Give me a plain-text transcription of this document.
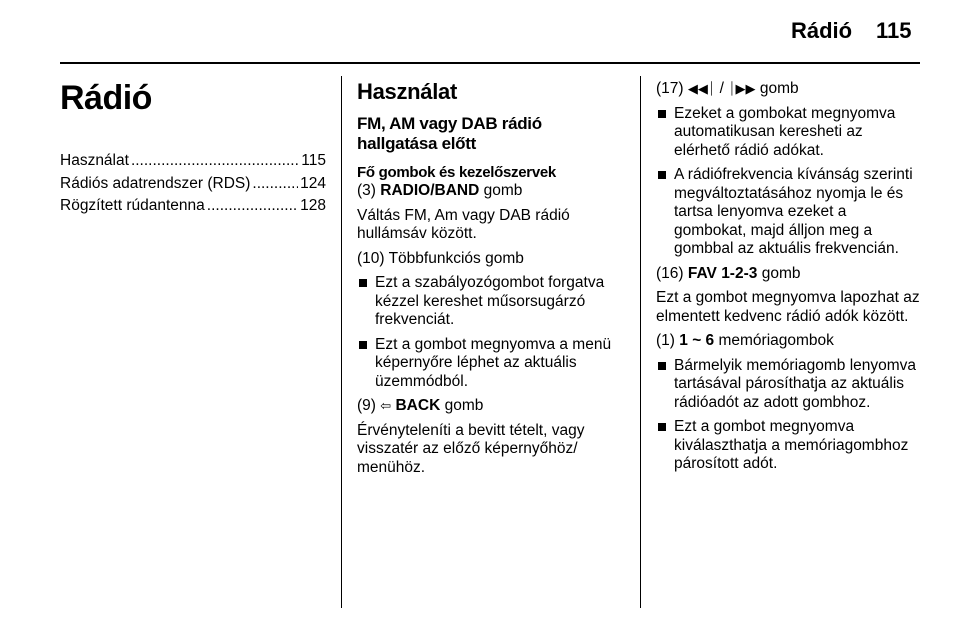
Rádió 115
Rádió
Használat .....	115
Rádiós adatrendszer (RDS) .....	124
Rögzített rúdantenna .....	128
Használat
FM, AM vagy DAB rádió hallgatása előtt
Fő gombok és kezelőszervek

(3) RADIO/BAND gomb

Váltás FM, Am vagy DAB rádió hullámsáv között.

(10) Többfunkciós gomb

Ezt a szabályozógombot forgatva kézzel kereshet műsorsugárzó frekvenciát.
Ezt a gombot megnyomva a menü képernyőre léphet az aktuális üzemmódból.

(9) ⇦ BACK gomb

Érvényteleníti a bevitt tételt, vagy visszatér az előző képernyőhöz/ menühöz.

(17) ◀◀⏐ / ⏐▶▶ gomb

Ezeket a gombokat megnyomva automatikusan keresheti az elérhető rádió adókat.
A rádiófrekvencia kívánság szerinti megváltoztatásához nyomja le és tartsa lenyomva ezeket a gombokat, majd álljon meg a gombbal az aktuális frekvencián.

(16) FAV 1-2-3 gomb

Ezt a gombot megnyomva lapozhat az elmentett kedvenc rádió adók között.

(1) 1 ~ 6 memóriagombok

Bármelyik memóriagomb lenyomva tartásával párosíthatja az aktuális rádióadót az adott gombhoz.
Ezt a gombot megnyomva kiválaszthatja a memóriagombhoz párosított adót.
